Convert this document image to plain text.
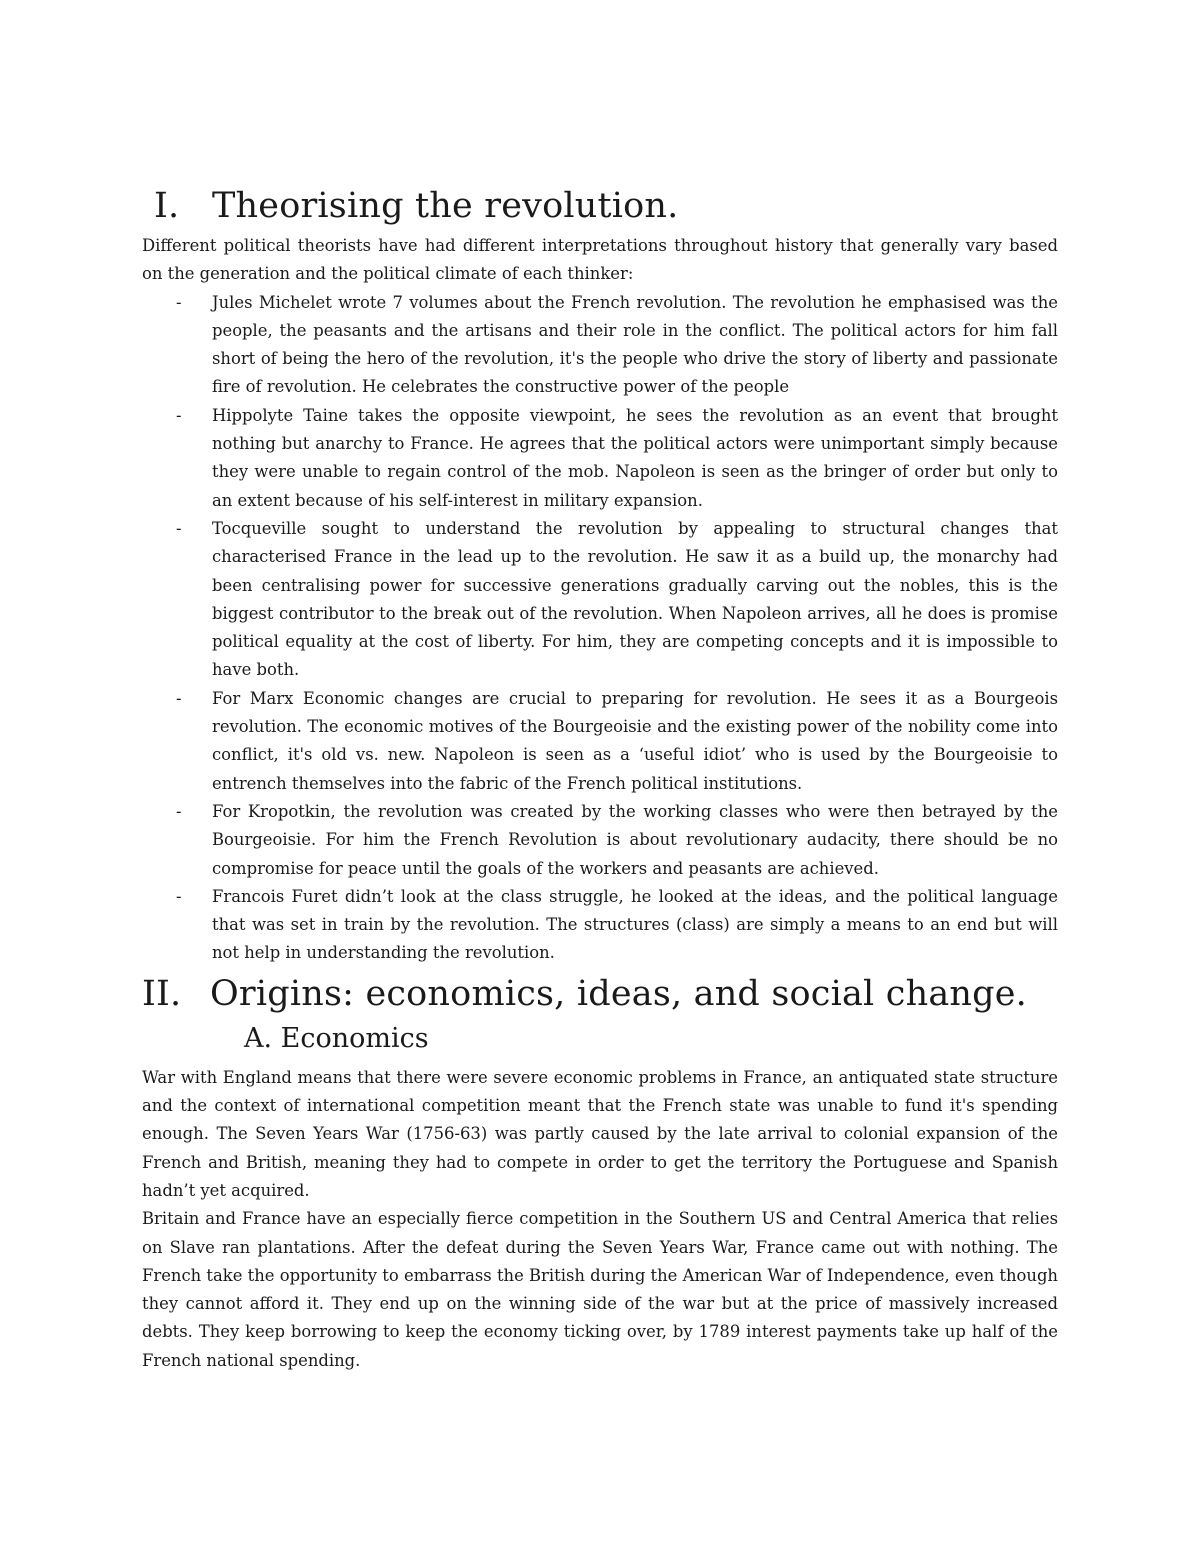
I. Theorising the revolution.

Different political theorists have had different interpretations throughout history that generally vary based on the generation and the political climate of each thinker:

- Jules Michelet wrote 7 volumes about the French revolution. The revolution he emphasised was the people, the peasants and the artisans and their role in the conflict. The political actors for him fall short of being the hero of the revolution, it's the people who drive the story of liberty and passionate fire of revolution. He celebrates the constructive power of the people
- Hippolyte Taine takes the opposite viewpoint, he sees the revolution as an event that brought nothing but anarchy to France. He agrees that the political actors were unimportant simply because they were unable to regain control of the mob. Napoleon is seen as the bringer of order but only to an extent because of his self-interest in military expansion.
- Tocqueville sought to understand the revolution by appealing to structural changes that characterised France in the lead up to the revolution. He saw it as a build up, the monarchy had been centralising power for successive generations gradually carving out the nobles, this is the biggest contributor to the break out of the revolution. When Napoleon arrives, all he does is promise political equality at the cost of liberty. For him, they are competing concepts and it is impossible to have both.
- For Marx Economic changes are crucial to preparing for revolution. He sees it as a Bourgeois revolution. The economic motives of the Bourgeoisie and the existing power of the nobility come into conflict, it's old vs. new. Napoleon is seen as a ‘useful idiot’ who is used by the Bourgeoisie to entrench themselves into the fabric of the French political institutions.
- For Kropotkin, the revolution was created by the working classes who were then betrayed by the Bourgeoisie. For him the French Revolution is about revolutionary audacity, there should be no compromise for peace until the goals of the workers and peasants are achieved.
- Francois Furet didn’t look at the class struggle, he looked at the ideas, and the political language that was set in train by the revolution. The structures (class) are simply a means to an end but will not help in understanding the revolution.
II. Origins: economics, ideas, and social change.
A. Economics

War with England means that there were severe economic problems in France, an antiquated state structure and the context of international competition meant that the French state was unable to fund it's spending enough. The Seven Years War (1756-63) was partly caused by the late arrival to colonial expansion of the French and British, meaning they had to compete in order to get the territory the Portuguese and Spanish hadn’t yet acquired.

Britain and France have an especially fierce competition in the Southern US and Central America that relies on Slave ran plantations. After the defeat during the Seven Years War, France came out with nothing. The French take the opportunity to embarrass the British during the American War of Independence, even though they cannot afford it. They end up on the winning side of the war but at the price of massively increased debts. They keep borrowing to keep the economy ticking over, by 1789 interest payments take up half of the French national spending.
